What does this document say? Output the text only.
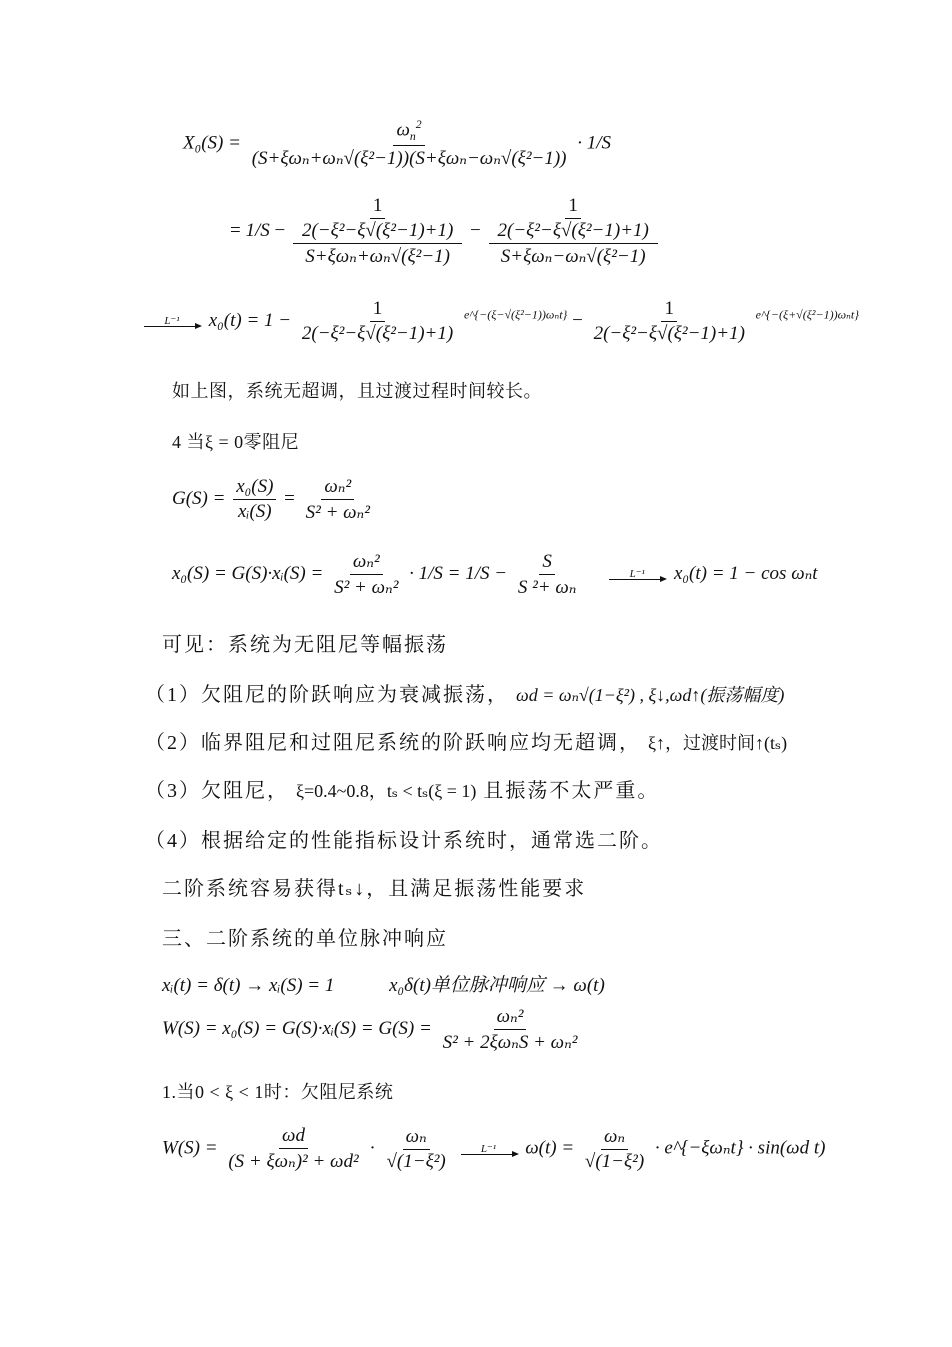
$X_0(S) = \frac{\omega_n^2}{\text{(S+ξωₙ+ωₙ√(ξ²−1))(S+ξωₙ−ωₙ√(ξ²−1))}} \cdot 1/S$
= $1/S - \frac{\frac{1}{\text{2(−ξ²−ξ√(ξ²−1)+1)}}}{\text{S+ξωₙ+ωₙ√(ξ²−1)}} - \frac{\frac{1}{\text{2(−ξ²−ξ√(ξ²−1)+1)}}}{\text{S+ξωₙ−ωₙ√(ξ²−1)}}$
L⁻¹	$x_0(t) = 1 - \frac{1}{\text{2(−ξ²−ξ√(ξ²−1)+1)}} ^{e\^{}\{-(\xi-√(\xi^2-1))\omega_nt\}} - \frac{1}{\text{2(−ξ²−ξ√(ξ²−1)+1)}} ^{e\^{}\{-(\xi+√(\xi^2-1))\omega_nt\}}$
如上图，系统无超调，且过渡过程时间较长。
4 当ξ = 0零阻尼
$G(S) = \frac{\text{x₀(S)}}{\text{xᵢ(S)}} = \frac{\text{ωₙ²}}{\text{S² + ωₙ²}}$
x₀(S) = G(S)·xᵢ(S) = $\frac{\text{ωₙ²}}{\text{S² + ωₙ²}} \cdot 1/S = 1/S - \frac{S}{\text{S ²+ ωₙ}}$
	L⁻¹	x₀(t) = 1 − cos ωₙt
可见：系统为无阻尼等幅振荡
（1）欠阻尼的阶跃响应为衰减振荡， ωd = ωₙ√(1−ξ²) , ξ↓,ωd↑(振荡幅度)
（2）临界阻尼和过阻尼系统的阶跃响应均无超调， ξ↑，过渡时间↑(tₛ)
（3）欠阻尼， ξ=0.4~0.8，tₛ < tₛ(ξ = 1) 且振荡不太严重。
（4）根据给定的性能指标设计系统时，通常选二阶。
二阶系统容易获得tₛ↓，且满足振荡性能要求
三、二阶系统的单位脉冲响应
xᵢ(t) = δ(t) → xᵢ(S) = 1	x₀δ(t)单位脉冲响应 → ω(t)
W(S) = x₀(S) = G(S)·xᵢ(S) = $G(S) = \frac{\text{ωₙ²}}{\text{S² + 2ξωₙS + ωₙ²}}$
1.当0 < ξ < 1时：欠阻尼系统
$W(S) = \frac{\omega d}{\text{(S + ξωₙ)² + ωd²}} \cdot \frac{\text{ωₙ}}{\text{√(1−ξ²)}}$
	L⁻¹	$\omega(t) = \frac{\text{ωₙ}}{\text{√(1−ξ²)}}$ · e^{−ξωₙt} · sin(ωd t)
